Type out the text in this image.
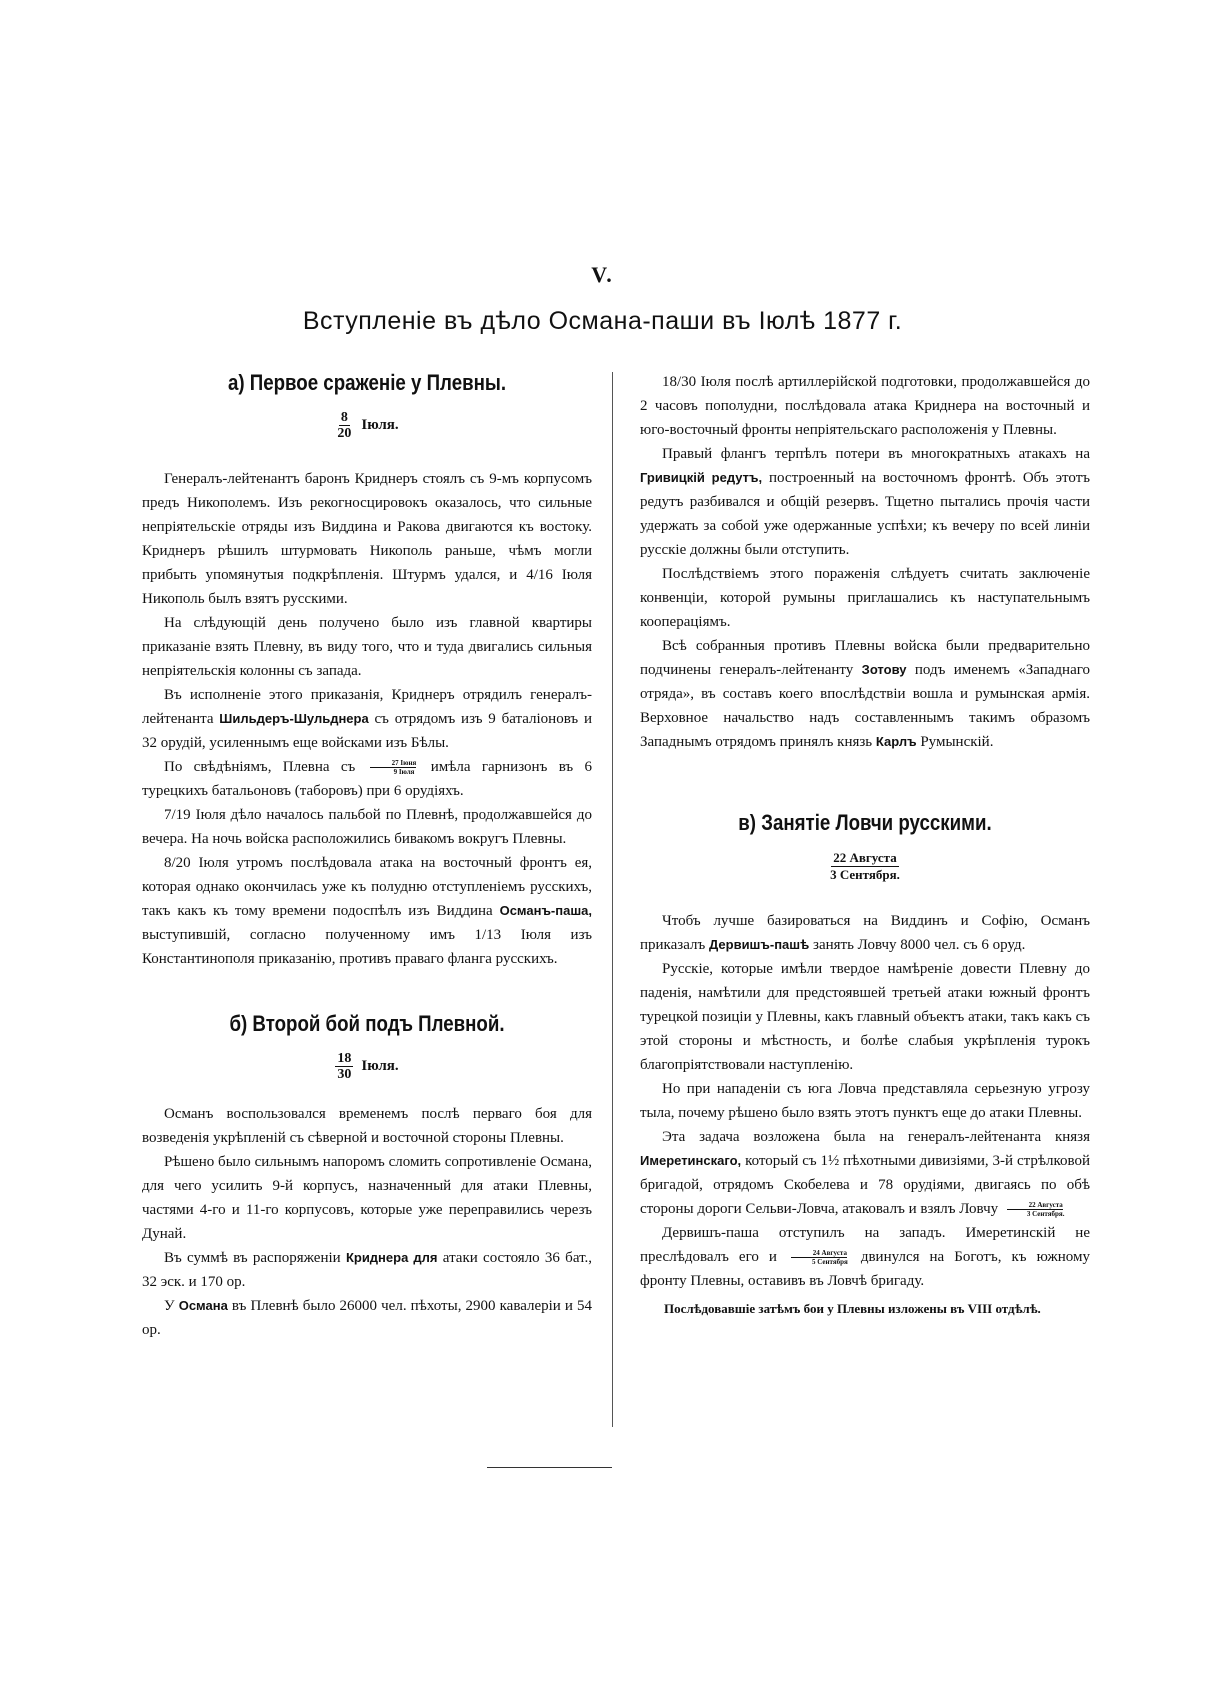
V.
Вступленіе въ дѣло Османа-паши въ Іюлѣ 1877 г.
а) Первое сраженіе у Плевны.
$\frac{8}{20}$ Іюля.

Генералъ-лейтенантъ баронъ Криднеръ стоялъ съ 9-мъ корпусомъ предъ Никополемъ. Изъ рекогносцировокъ оказалось, что сильные непріятельскіе отряды изъ Виддина и Ракова двигаются къ востоку. Криднеръ рѣшилъ штурмовать Никополь раньше, чѣмъ могли прибыть упомянутыя подкрѣпленія. Штурмъ удался, и 4/16 Іюля Никополь былъ взятъ русскими.

На слѣдующій день получено было изъ главной квартиры приказаніе взять Плевну, въ виду того, что и туда двигались сильныя непріятельскія колонны съ запада.

Въ исполненіе этого приказанія, Криднеръ отрядилъ генералъ-лейтенанта Шильдеръ-Шульднера съ отрядомъ изъ 9 баталіоновъ и 32 орудій, усиленнымъ еще войсками изъ Бѣлы.

По свѣдѣніямъ, Плевна съ $\frac{\text{27 Іюня}}{\text{9 Іюля}}$ имѣла гарнизонъ въ 6 турецкихъ батальоновъ (таборовъ) при 6 орудіяхъ.

7/19 Іюля дѣло началось пальбой по Плевнѣ, продолжавшейся до вечера. На ночь войска расположились бивакомъ вокругъ Плевны.

8/20 Іюля утромъ послѣдовала атака на восточный фронтъ ея, которая однако окончилась уже къ полудню отступленіемъ русскихъ, такъ какъ къ тому времени подоспѣлъ изъ Виддина Османъ-паша, выступившій, согласно полученному имъ 1/13 Іюля изъ Константинополя приказанію, противъ праваго фланга русскихъ.

б) Второй бой подъ Плевной.
$\frac{18}{30}$ Іюля.

Османъ воспользовался временемъ послѣ перваго боя для возведенія укрѣпленій съ сѣверной и восточной стороны Плевны.

Рѣшено было сильнымъ напоромъ сломить сопротивленіе Османа, для чего усилить 9-й корпусъ, назначенный для атаки Плевны, частями 4-го и 11-го корпусовъ, которые уже переправились черезъ Дунай.

Въ суммѣ въ распоряженіи Криднера для атаки состояло 36 бат., 32 эск. и 170 ор.

У Османа въ Плевнѣ было 26000 чел. пѣхоты, 2900 кавалеріи и 54 ор.

18/30 Іюля послѣ артиллерійской подготовки, продолжавшейся до 2 часовъ пополудни, послѣдовала атака Криднера на восточный и юго-восточный фронты непріятельскаго расположенія у Плевны.

Правый флангъ терпѣлъ потери въ многократныхъ атакахъ на Гривицкій редутъ, построенный на восточномъ фронтѣ. Объ этотъ редутъ разбивался и общій резервъ. Тщетно пытались прочія части удержать за собой уже одержанные успѣхи; къ вечеру по всей линіи русскіе должны были отступить.

Послѣдствіемъ этого пораженія слѣдуетъ считать заключеніе конвенціи, которой румыны приглашались къ наступательнымъ коопераціямъ.

Всѣ собранныя противъ Плевны войска были предварительно подчинены генералъ-лейтенанту Зотову подъ именемъ «Западнаго отряда», въ составъ коего впослѣдствіи вошла и румынская армія. Верховное начальство надъ составленнымъ такимъ образомъ Западнымъ отрядомъ принялъ князь Карлъ Румынскій.

в) Занятіе Ловчи русскими.
22 Августа
3 Сентября.

Чтобъ лучше базироваться на Виддинъ и Софію, Османъ приказалъ Дервишъ-пашѣ занять Ловчу 8000 чел. съ 6 оруд.

Русскіе, которые имѣли твердое намѣреніе довести Плевну до паденія, намѣтили для предстоявшей третьей атаки южный фронтъ турецкой позиціи у Плевны, какъ главный объектъ атаки, такъ какъ съ этой стороны и мѣстность, и болѣе слабыя укрѣпленія турокъ благопріятствовали наступленію.

Но при нападеніи съ юга Ловча представляла серьезную угрозу тыла, почему рѣшено было взять этотъ пунктъ еще до атаки Плевны.

Эта задача возложена была на генералъ-лейтенанта князя Имеретинскаго, который съ 1½ пѣхотными дивизіями, 3-й стрѣлковой бригадой, отрядомъ Скобелева и 78 орудіями, двигаясь по обѣ стороны дороги Сельви-Ловча, атаковалъ и взялъ Ловчу $\frac{\text{22 Августа}}{\text{3 Сентября.}}$

Дервишъ-паша отступилъ на западъ. Имеретинскій не преслѣдовалъ его и $\frac{\text{24 Августа}}{\text{5 Сентября}}$ двинулся на Боготъ, къ южному фронту Плевны, оставивъ въ Ловчѣ бригаду.

Послѣдовавшіе затѣмъ бои у Плевны изложены въ VIII отдѣлѣ.
